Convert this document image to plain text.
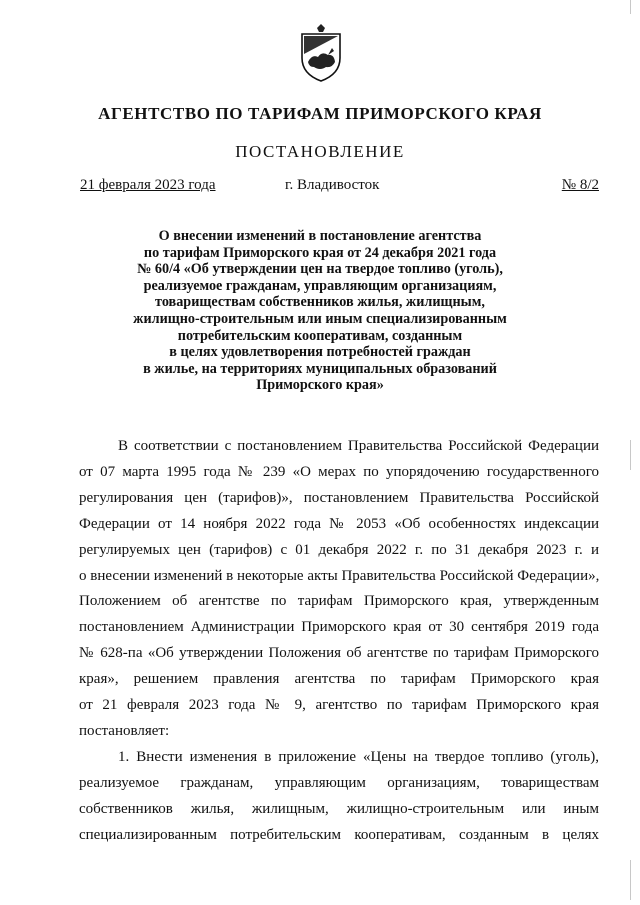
АГЕНТСТВО ПО ТАРИФАМ ПРИМОРСКОГО КРАЯ
ПОСТАНОВЛЕНИЕ
21 февраля 2023 года	г. Владивосток	№ 8/2
О внесении изменений в постановление агентства
по тарифам Приморского края от 24 декабря 2021 года
№ 60/4 «Об утверждении цен на твердое топливо (уголь),
реализуемое гражданам, управляющим организациям,
товариществам собственников жилья, жилищным,
жилищно-строительным или иным специализированным
потребительским кооперативам, созданным
в целях удовлетворения потребностей граждан
в жилье, на территориях муниципальных образований
Приморского края»

В соответствии с постановлением Правительства Российской Федерации

от 07 марта 1995 года № 239 «О мерах по упорядочению государственного

регулирования цен (тарифов)», постановлением Правительства Российской

Федерации от 14 ноября 2022 года № 2053 «Об особенностях индексации

регулируемых цен (тарифов) с 01 декабря 2022 г. по 31 декабря 2023 г. и

о внесении изменений в некоторые акты Правительства Российской Федерации»,

Положением об агентстве по тарифам Приморского края, утвержденным

постановлением Администрации Приморского края от 30 сентября 2019 года

№ 628-па «Об утверждении Положения об агентстве по тарифам Приморского

края», решением правления агентства по тарифам Приморского края

от 21 февраля 2023 года № 9, агентство по тарифам Приморского края

постановляет:

1. Внести изменения в приложение «Цены на твердое топливо (уголь),

реализуемое гражданам, управляющим организациям, товариществам

собственников жилья, жилищным, жилищно-строительным или иным

специализированным потребительским кооперативам, созданным в целях
